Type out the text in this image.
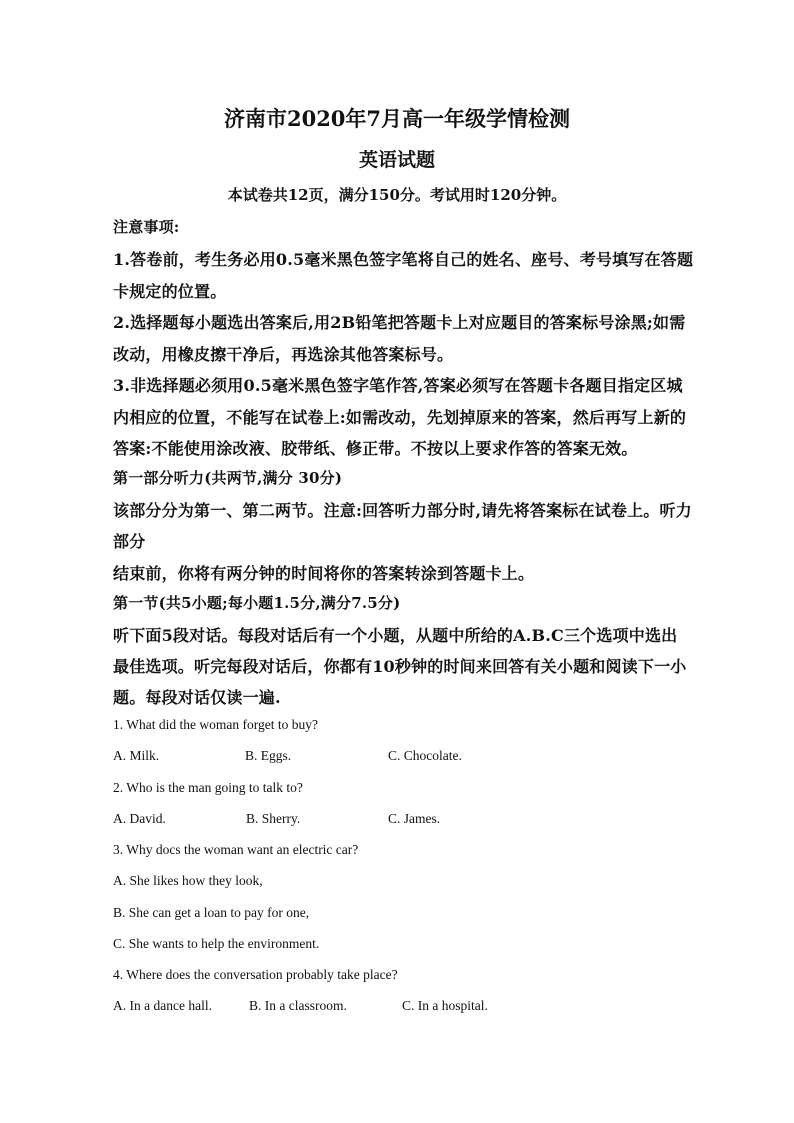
济南市2020年7月高一年级学情检测
英语试题
本试卷共12页，满分150分。考试用时120分钟。
注意事项:
1.答卷前，考生务必用0.5毫米黑色签字笔将自己的姓名、座号、考号填写在答题
卡规定的位置。
2.选择题每小题选出答案后,用2B铅笔把答题卡上对应题目的答案标号涂黑;如需
改动，用橡皮擦干净后，再选涂其他答案标号。
3.非选择题必须用0.5毫米黑色签字笔作答,答案必须写在答题卡各题目指定区城
内相应的位置，不能写在试卷上:如需改动，先划掉原来的答案，然后再写上新的
答案:不能使用涂改液、胶带纸、修正带。不按以上要求作答的答案无效。
第一部分听力(共两节,满分 30分)
该部分分为第一、第二两节。注意:回答听力部分时,请先将答案标在试卷上。听力
部分
结束前，你将有两分钟的时间将你的答案转涂到答题卡上。
第一节(共5小题;每小题1.5分,满分7.5分)
听下面5段对话。每段对话后有一个小题，从题中所给的A.B.C三个选项中选出
最佳选项。听完每段对话后，你都有10秒钟的时间来回答有关小题和阅读下一小
题。每段对话仅读一遍.
1. What did the woman forget to buy?
A. Milk.	B. Eggs.	C. Chocolate.
2. Who is the man going to talk to?
A. David.	B. Sherry.	C. James.
3. Why docs the woman want an electric car?
A. She likes how they look,
B. She can get a loan to pay for one,
C. She wants to help the environment.
4. Where does the conversation probably take place?
A. In a dance hall.	B. In a classroom.	C. In a hospital.
